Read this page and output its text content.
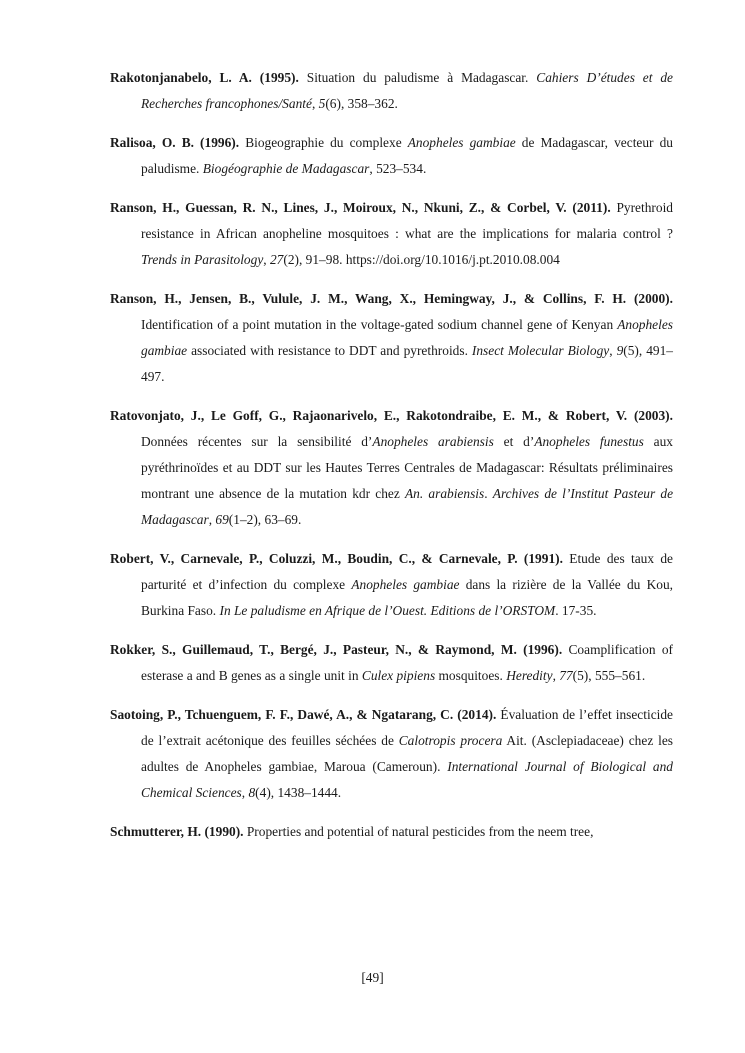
Rakotonjanabelo, L. A. (1995). Situation du paludisme à Madagascar. Cahiers D’études et de Recherches francophones/Santé, 5(6), 358–362.

Ralisoa, O. B. (1996). Biogeographie du complexe Anopheles gambiae de Madagascar, vecteur du paludisme. Biogéographie de Madagascar, 523–534.

Ranson, H., Guessan, R. N., Lines, J., Moiroux, N., Nkuni, Z., & Corbel, V. (2011). Pyrethroid resistance in African anopheline mosquitoes : what are the implications for malaria control ? Trends in Parasitology, 27(2), 91–98. https://doi.org/10.1016/j.pt.2010.08.004

Ranson, H., Jensen, B., Vulule, J. M., Wang, X., Hemingway, J., & Collins, F. H. (2000). Identification of a point mutation in the voltage-gated sodium channel gene of Kenyan Anopheles gambiae associated with resistance to DDT and pyrethroids. Insect Molecular Biology, 9(5), 491–497.

Ratovonjato, J., Le Goff, G., Rajaonarivelo, E., Rakotondraibe, E. M., & Robert, V. (2003). Données récentes sur la sensibilité d’Anopheles arabiensis et d’Anopheles funestus aux pyréthrinoïdes et au DDT sur les Hautes Terres Centrales de Madagascar: Résultats préliminaires montrant une absence de la mutation kdr chez An. arabiensis. Archives de l’Institut Pasteur de Madagascar, 69(1–2), 63–69.

Robert, V., Carnevale, P., Coluzzi, M., Boudin, C., & Carnevale, P. (1991). Etude des taux de parturité et d’infection du complexe Anopheles gambiae dans la rizière de la Vallée du Kou, Burkina Faso. In Le paludisme en Afrique de l’Ouest. Editions de l’ORSTOM. 17-35.

Rokker, S., Guillemaud, T., Bergé, J., Pasteur, N., & Raymond, M. (1996). Coamplification of esterase a and B genes as a single unit in Culex pipiens mosquitoes. Heredity, 77(5), 555–561.

Saotoing, P., Tchuenguem, F. F., Dawé, A., & Ngatarang, C. (2014). Évaluation de l’effet insecticide de l’extrait acétonique des feuilles séchées de Calotropis procera Ait. (Asclepiadaceae) chez les adultes de Anopheles gambiae, Maroua (Cameroun). International Journal of Biological and Chemical Sciences, 8(4), 1438–1444.

Schmutterer, H. (1990). Properties and potential of natural pesticides from the neem tree,

[49]
